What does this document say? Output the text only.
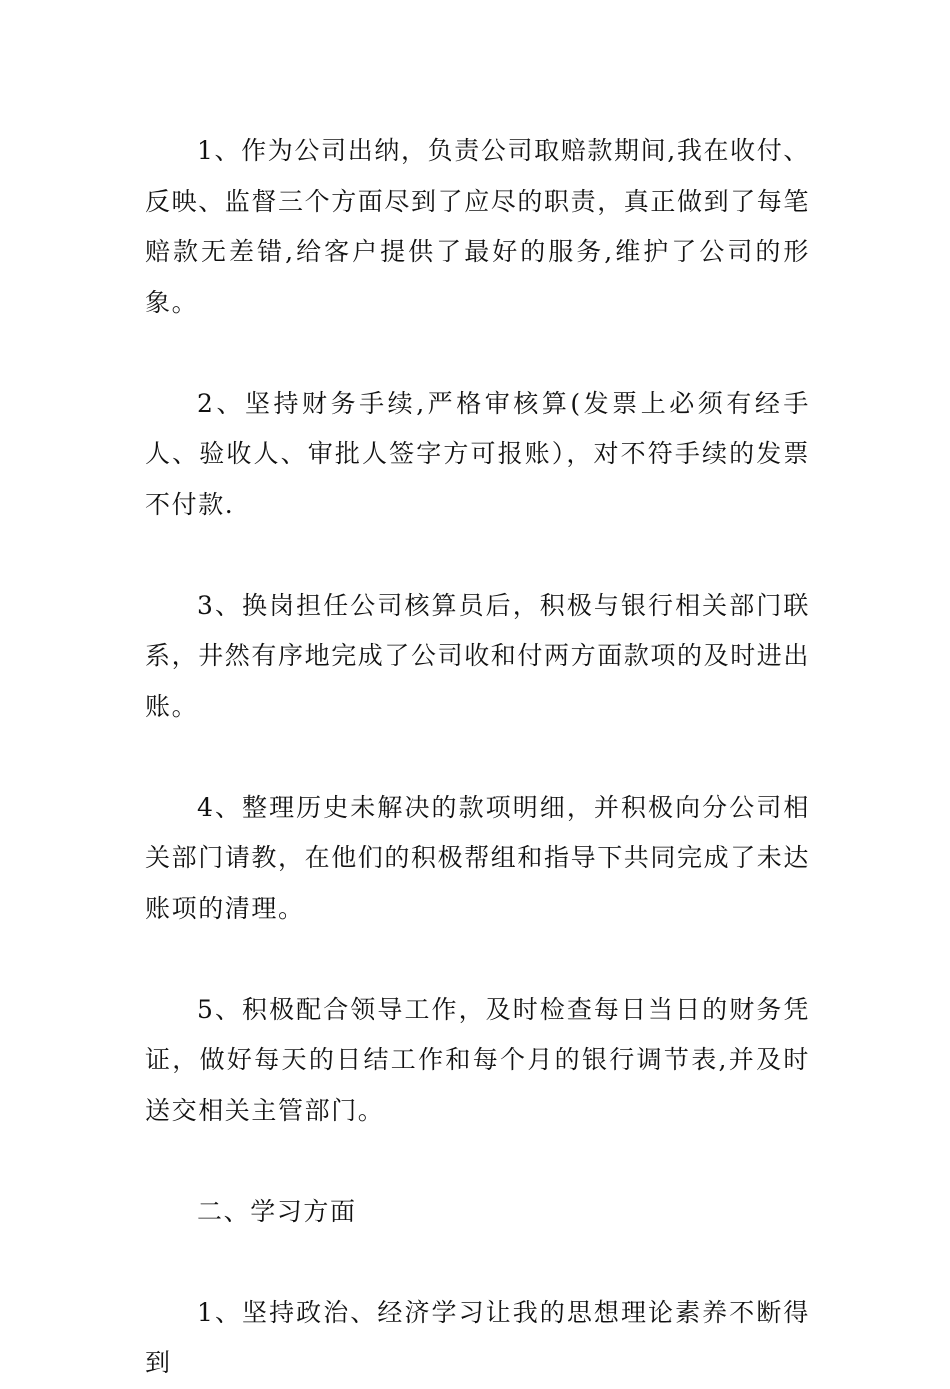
1、作为公司出纳，负责公司取赔款期间,我在收付、反映、监督三个方面尽到了应尽的职责，真正做到了每笔赔款无差错,给客户提供了最好的服务,维护了公司的形象。

2、坚持财务手续,严格审核算(发票上必须有经手人、验收人、审批人签字方可报账），对不符手续的发票不付款.

3、换岗担任公司核算员后，积极与银行相关部门联系，井然有序地完成了公司收和付两方面款项的及时进出账。

4、整理历史未解决的款项明细，并积极向分公司相关部门请教，在他们的积极帮组和指导下共同完成了未达账项的清理。

5、积极配合领导工作，及时检查每日当日的财务凭证，做好每天的日结工作和每个月的银行调节表,并及时送交相关主管部门。

二、学习方面

1、坚持政治、经济学习让我的思想理论素养不断得到
